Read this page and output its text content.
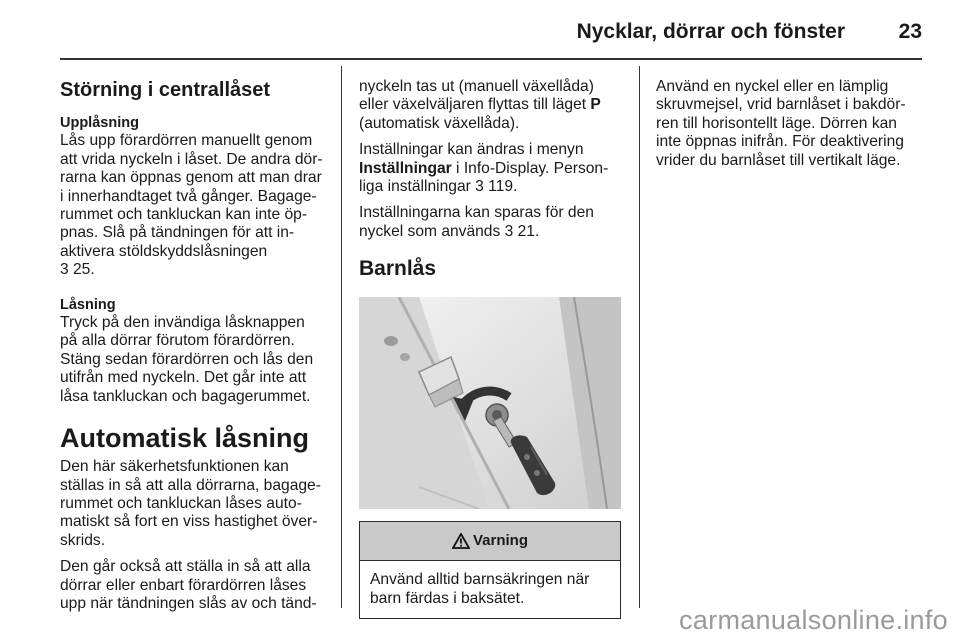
Nycklar, dörrar och fönster	23

Störning i centrallåset

Upplåsning

Lås upp förardörren manuellt genom

att vrida nyckeln i låset. De andra dör-

rarna kan öppnas genom att man drar

i innerhandtaget två gånger. Bagage-

rummet och tankluckan kan inte öp-

pnas. Slå på tändningen för att in-

aktivera stöldskyddslåsningen

3 25.

Låsning

Tryck på den invändiga låsknappen

på alla dörrar förutom förardörren.

Stäng sedan förardörren och lås den

utifrån med nyckeln. Det går inte att

låsa tankluckan och bagagerummet.

Automatisk låsning

Den här säkerhetsfunktionen kan

ställas in så att alla dörrarna, bagage-

rummet och tankluckan låses auto-

matiskt så fort en viss hastighet över-

skrids.

Den går också att ställa in så att alla

dörrar eller enbart förardörren låses

upp när tändningen slås av och tänd-

nyckeln tas ut (manuell växellåda)

eller växelväljaren flyttas till läget P

(automatisk växellåda).

Inställningar kan ändras i menyn

Inställningar i Info-Display. Person-

liga inställningar 3 119.

Inställningarna kan sparas för den

nyckel som används 3 21.

Barnlås

Varning

Använd alltid barnsäkringen när

barn färdas i baksätet.

Använd en nyckel eller en lämplig

skruvmejsel, vrid barnlåset i bakdör-

ren till horisontellt läge. Dörren kan

inte öppnas inifrån. För deaktivering

vrider du barnlåset till vertikalt läge.

carmanualsonline.info
